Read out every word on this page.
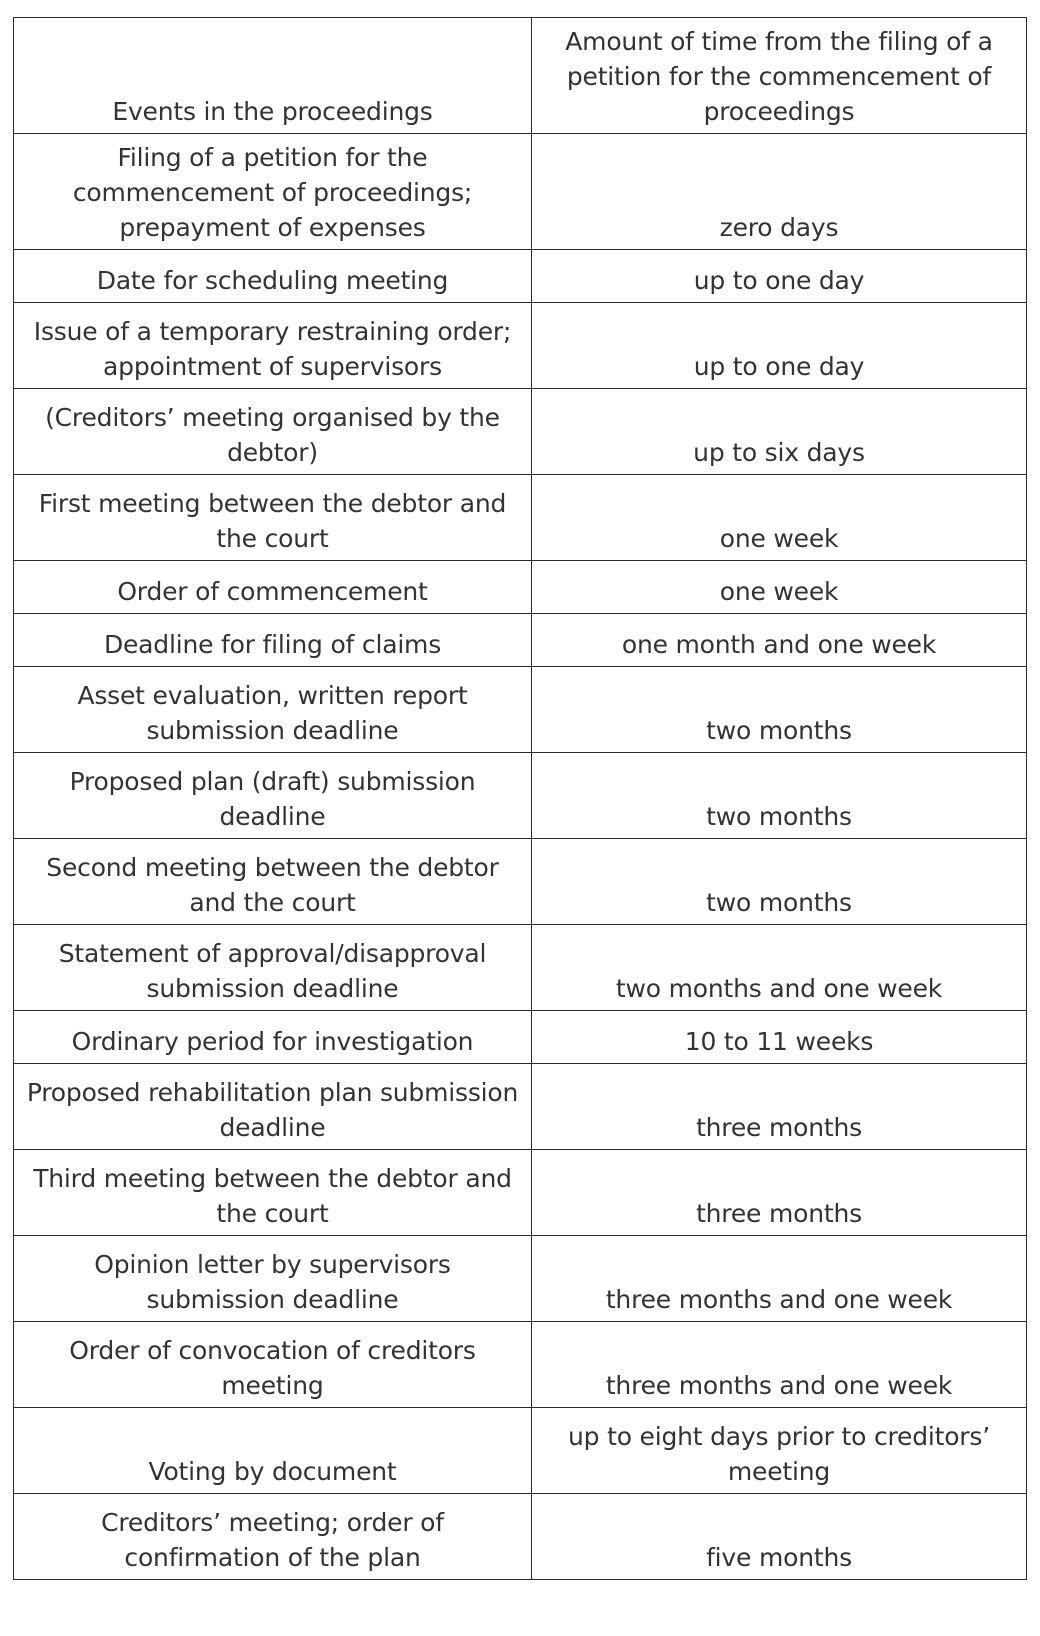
Events in the proceedings	Amount of time from the filing of a petition for the commencement of proceedings
Filing of a petition for the commencement of proceedings; prepayment of expenses	zero days
Date for scheduling meeting	up to one day
Issue of a temporary restraining order; appointment of supervisors	up to one day
(Creditors’ meeting organised by the debtor)	up to six days
First meeting between the debtor and the court	one week
Order of commencement	one week
Deadline for filing of claims	one month and one week
Asset evaluation, written report submission deadline	two months
Proposed plan (draft) submission deadline	two months
Second meeting between the debtor and the court	two months
Statement of approval/disapproval submission deadline	two months and one week
Ordinary period for investigation	10 to 11 weeks
Proposed rehabilitation plan submission deadline	three months
Third meeting between the debtor and the court	three months
Opinion letter by supervisors submission deadline	three months and one week
Order of convocation of creditors meeting	three months and one week
Voting by document	up to eight days prior to creditors’ meeting
Creditors’ meeting; order of confirmation of the plan	five months
